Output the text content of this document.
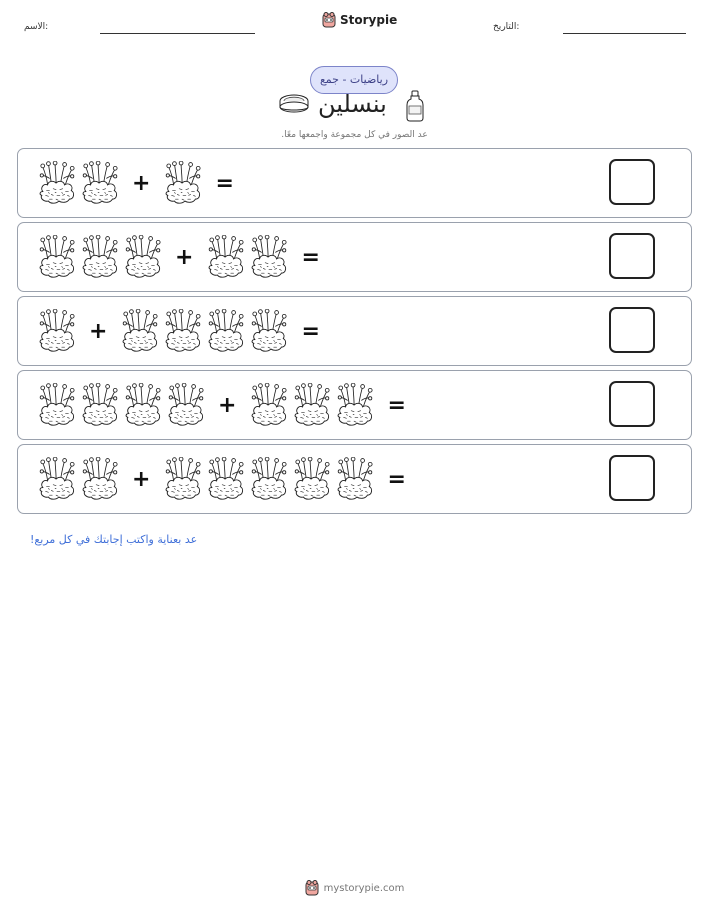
الاسم:	Storypie	التاريخ:
رياضيات - جمع
بنسلين
عد الصور في كل مجموعة واجمعها معًا.
+	=
+	=
+	=
+	=
+	=
عد بعناية واكتب إجابتك في كل مربع!
mystorypie.com
